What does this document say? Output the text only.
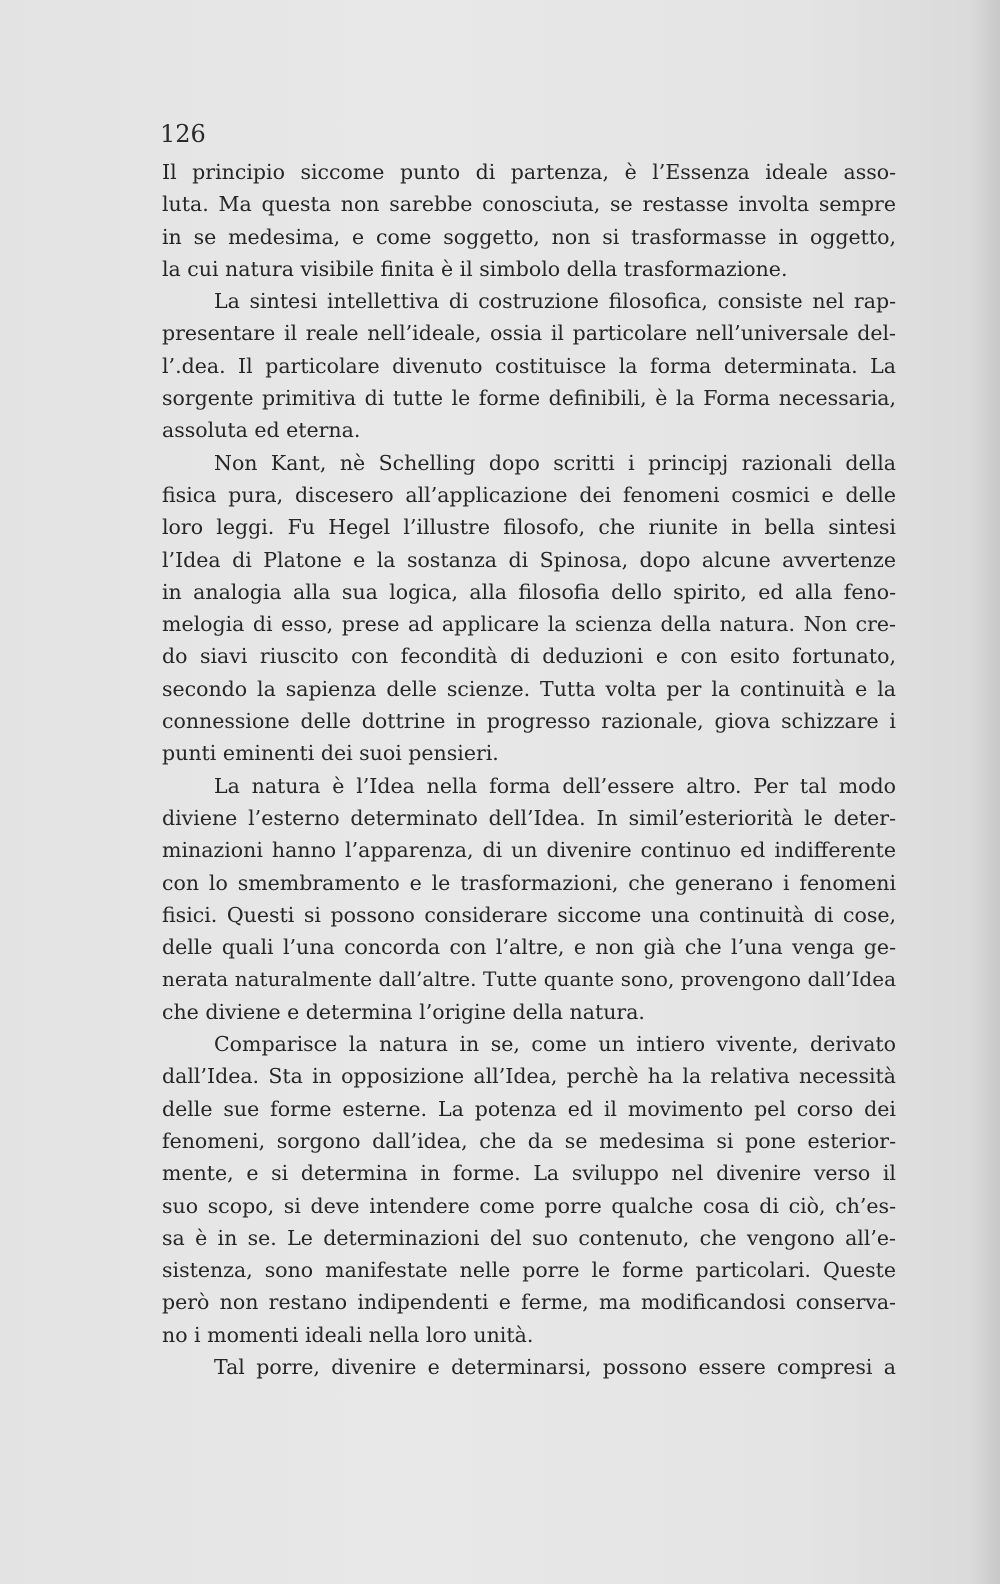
126
Il principio siccome punto di partenza, è l’Essenza ideale asso-
luta. Ma questa non sarebbe conosciuta, se restasse involta sempre
in se medesima, e come soggetto, non si trasformasse in oggetto,
la cui natura visibile finita è il simbolo della trasformazione.
La sintesi intellettiva di costruzione filosofica, consiste nel rap-
presentare il reale nell’ideale, ossia il particolare nell’universale del-
l’.dea. Il particolare divenuto costituisce la forma determinata. La
sorgente primitiva di tutte le forme definibili, è la Forma necessaria,
assoluta ed eterna.
Non Kant, nè Schelling dopo scritti i principj razionali della
fisica pura, discesero all’applicazione dei fenomeni cosmici e delle
loro leggi. Fu Hegel l’illustre filosofo, che riunite in bella sintesi
l’Idea di Platone e la sostanza di Spinosa, dopo alcune avvertenze
in analogia alla sua logica, alla filosofia dello spirito, ed alla feno-
melogia di esso, prese ad applicare la scienza della natura. Non cre-
do siavi riuscito con fecondità di deduzioni e con esito fortunato,
secondo la sapienza delle scienze. Tutta volta per la continuità e la
connessione delle dottrine in progresso razionale, giova schizzare i
punti eminenti dei suoi pensieri.
La natura è l’Idea nella forma dell’essere altro. Per tal modo
diviene l’esterno determinato dell’Idea. In simil’esteriorità le deter-
minazioni hanno l’apparenza, di un divenire continuo ed indifferente
con lo smembramento e le trasformazioni, che generano i fenomeni
fisici. Questi si possono considerare siccome una continuità di cose,
delle quali l’una concorda con l’altre, e non già che l’una venga ge-
nerata naturalmente dall’altre. Tutte quante sono, provengono dall’Idea
che diviene e determina l’origine della natura.
Comparisce la natura in se, come un intiero vivente, derivato
dall’Idea. Sta in opposizione all’Idea, perchè ha la relativa necessità
delle sue forme esterne. La potenza ed il movimento pel corso dei
fenomeni, sorgono dall’idea, che da se medesima si pone esterior-
mente, e si determina in forme. La sviluppo nel divenire verso il
suo scopo, si deve intendere come porre qualche cosa di ciò, ch’es-
sa è in se. Le determinazioni del suo contenuto, che vengono all’e-
sistenza, sono manifestate nelle porre le forme particolari. Queste
però non restano indipendenti e ferme, ma modificandosi conserva-
no i momenti ideali nella loro unità.
Tal porre, divenire e determinarsi, possono essere compresi a
